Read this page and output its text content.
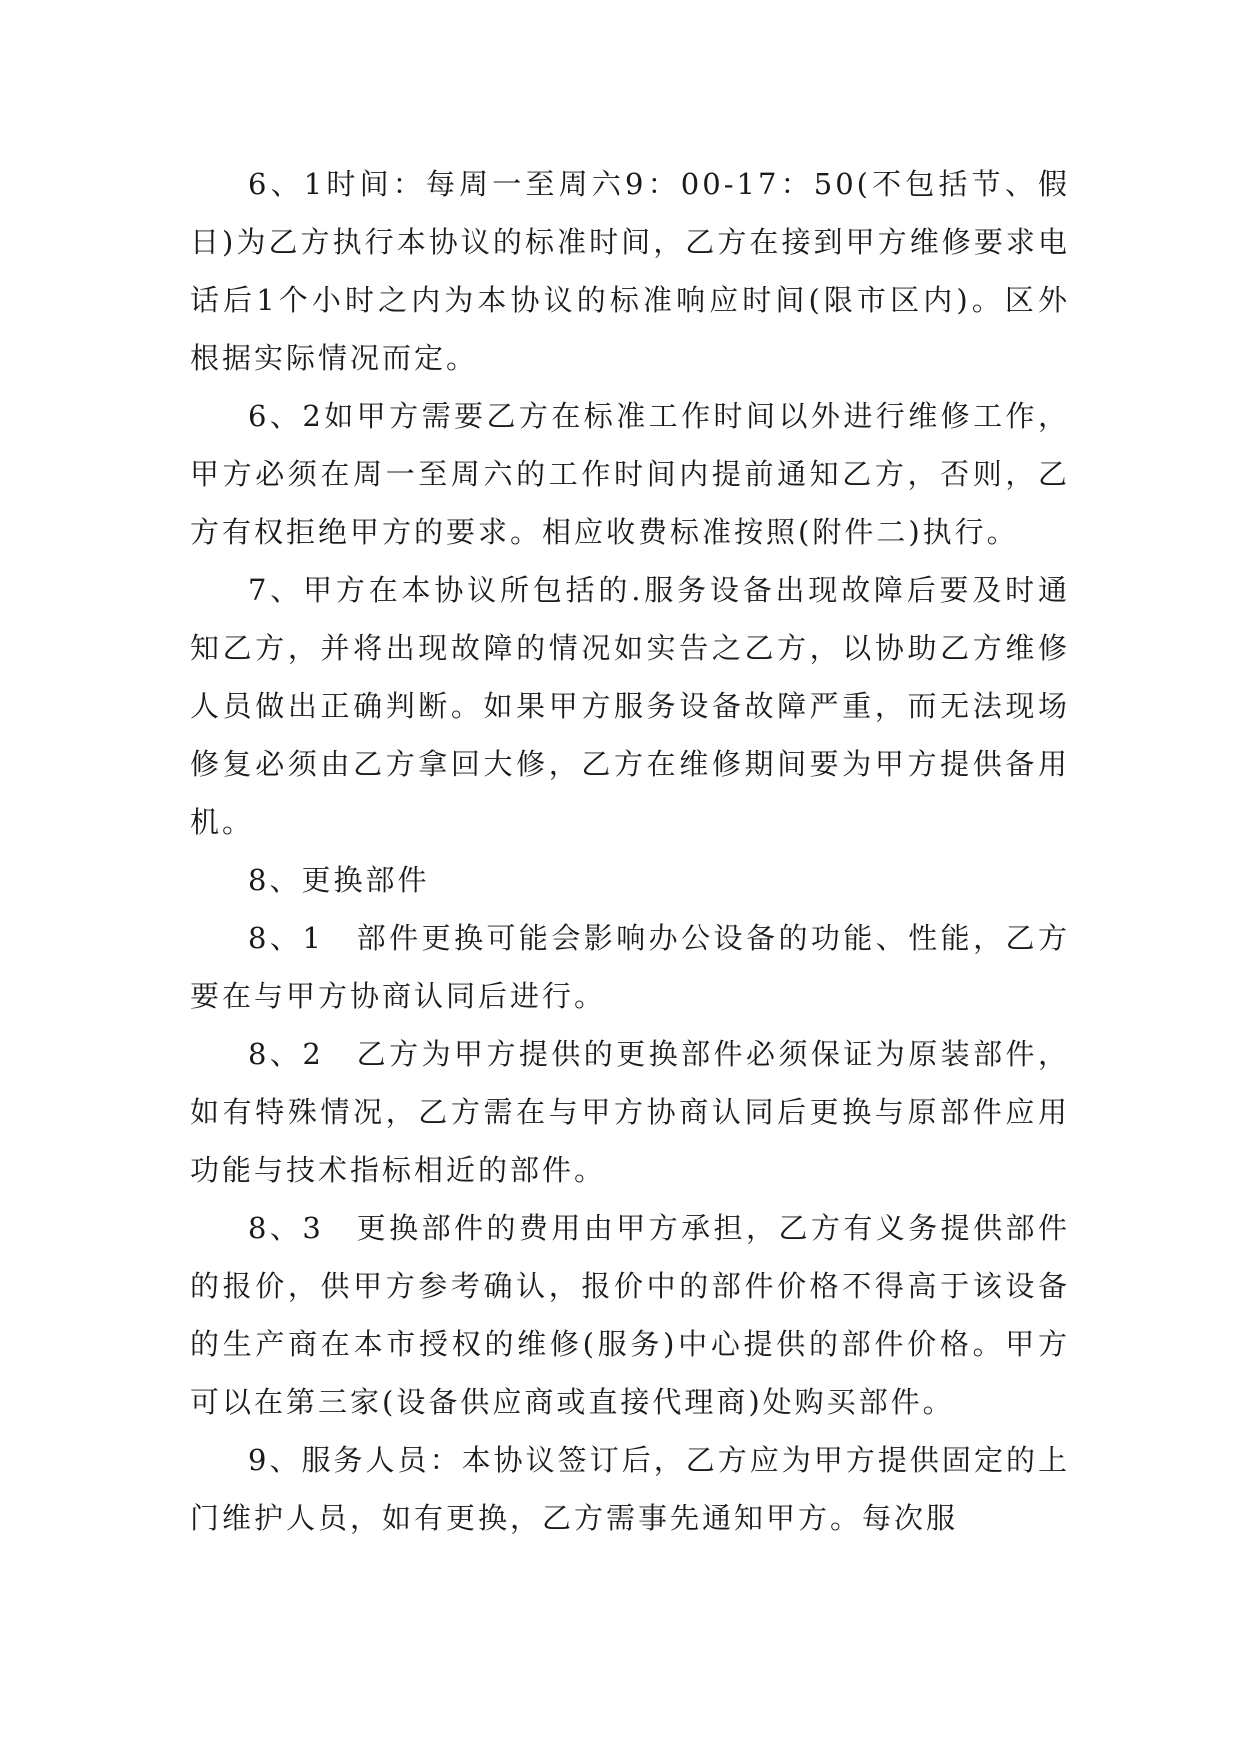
6、1时间：每周一至周六9：00-17：50(不包括节、假日)为乙方执行本协议的标准时间，乙方在接到甲方维修要求电话后1个小时之内为本协议的标准响应时间(限市区内)。区外根据实际情况而定。

6、2如甲方需要乙方在标准工作时间以外进行维修工作，甲方必须在周一至周六的工作时间内提前通知乙方，否则，乙方有权拒绝甲方的要求。相应收费标准按照(附件二)执行。

7、甲方在本协议所包括的.服务设备出现故障后要及时通知乙方，并将出现故障的情况如实告之乙方，以协助乙方维修人员做出正确判断。如果甲方服务设备故障严重，而无法现场修复必须由乙方拿回大修，乙方在维修期间要为甲方提供备用机。

8、更换部件

8、1　部件更换可能会影响办公设备的功能、性能，乙方要在与甲方协商认同后进行。

8、2　乙方为甲方提供的更换部件必须保证为原装部件，如有特殊情况，乙方需在与甲方协商认同后更换与原部件应用功能与技术指标相近的部件。

8、3　更换部件的费用由甲方承担，乙方有义务提供部件的报价，供甲方参考确认，报价中的部件价格不得高于该设备的生产商在本市授权的维修(服务)中心提供的部件价格。甲方可以在第三家(设备供应商或直接代理商)处购买部件。

9、服务人员：本协议签订后，乙方应为甲方提供固定的上门维护人员，如有更换，乙方需事先通知甲方。每次服
